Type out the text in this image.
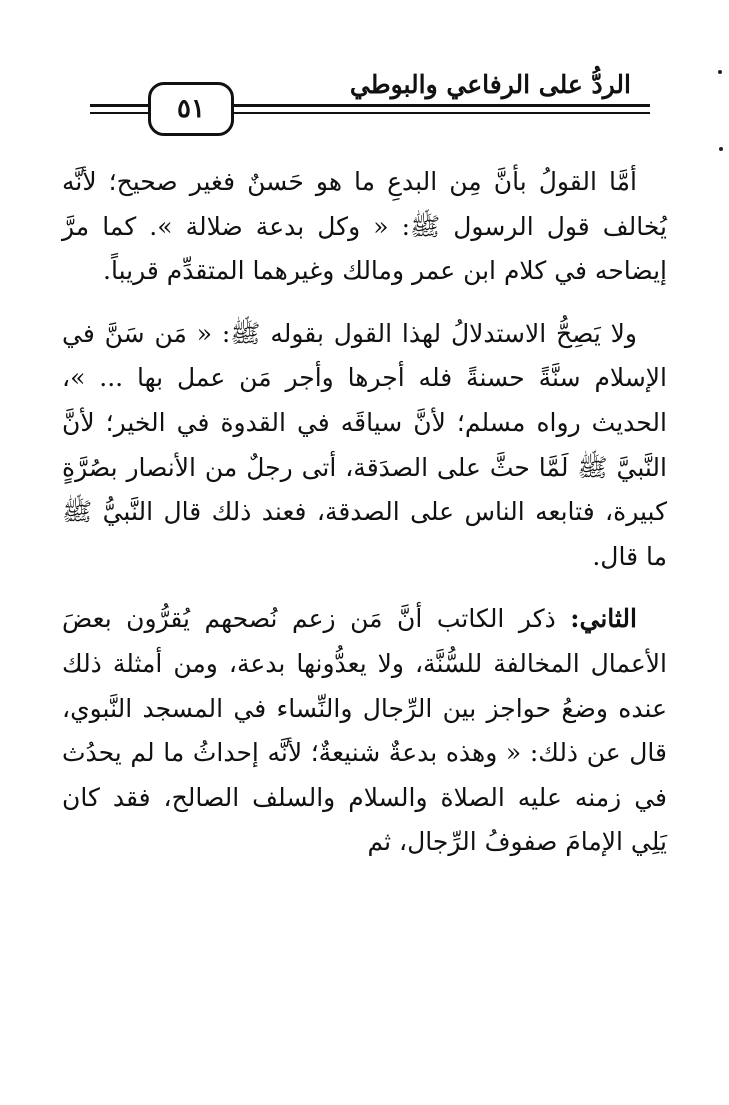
الردُّ على الرفاعي والبوطي
٥١

أمَّا القولُ بأنَّ مِن البدعِ ما هو حَسنٌ فغير صحيح؛ لأنَّه يُخالف قول الرسول ﷺ: « وكل بدعة ضلالة ». كما مرَّ إيضاحه في كلام ابن عمر ومالك وغيرهما المتقدِّم قريباً.

ولا يَصِحُّ الاستدلالُ لهذا القول بقوله ﷺ: « مَن سَنَّ في الإسلام سنَّةً حسنةً فله أجرها وأجر مَن عمل بها ... »، الحديث رواه مسلم؛ لأنَّ سياقَه في القدوة في الخير؛ لأنَّ النَّبيَّ ﷺ لَمَّا حثَّ على الصدَقة، أتى رجلٌ من الأنصار بصُرَّةٍ كبيرة، فتابعه الناس على الصدقة، فعند ذلك قال النَّبيُّ ﷺ ما قال.

الثاني: ذكر الكاتب أنَّ مَن زعم نُصحهم يُقرُّون بعضَ الأعمال المخالفة للسُّنَّة، ولا يعدُّونها بدعة، ومن أمثلة ذلك عنده وضعُ حواجز بين الرِّجال والنِّساء في المسجد النَّبوي، قال عن ذلك: « وهذه بدعةٌ شنيعةٌ؛ لأنَّه إحداثُ ما لم يحدُث في زمنه عليه الصلاة والسلام والسلف الصالح، فقد كان يَلِي الإمامَ صفوفُ الرِّجال، ثم
